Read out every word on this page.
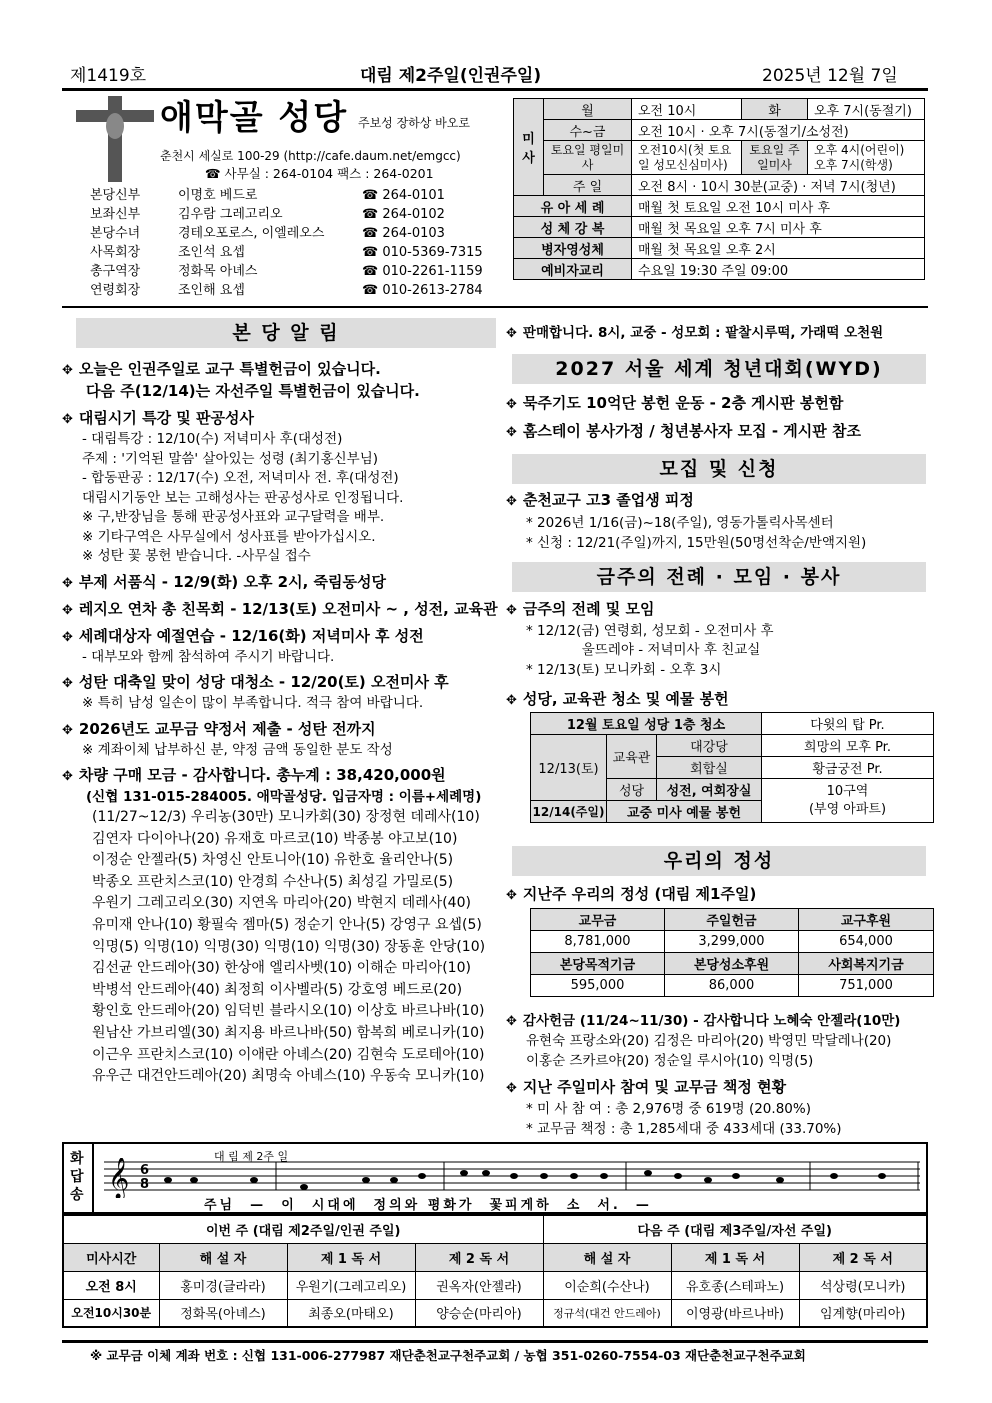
제1419호	대림 제2주일(인권주일)	2025년 12월 7일
애막골 성당 주보성 장하상 바오로
춘천시 세실로 100-29 (http://cafe.daum.net/emgcc)
☎ 사무실 : 264-0104 팩스 : 264-0201
본당신부	이명호 베드로	☎ 264-0101
보좌신부	김우람 그레고리오	☎ 264-0102
본당수녀	경테오포로스, 이엘레오스	☎ 264-0103
사목회장	조인석 요셉	☎ 010-5369-7315
총구역장	정화목 아녜스	☎ 010-2261-1159
연령회장	조인해 요셉	☎ 010-2613-2784
미사	월	오전 10시	화	오후 7시(동절기)
	수~금	오전 10시 · 오후 7시(동절기/소성전)		
	토요일 평일미사	오전10시(첫 토요일 성모신심미사)	토요일 주일미사	오후 4시(어린이) 오후 7시(학생)
	주 일	오전 8시 · 10시 30분(교중) · 저녁 7시(청년)		
유 아 세 례		매월 첫 토요일 오전 10시 미사 후		
성 체 강 복		매월 첫 목요일 오후 7시 미사 후		
병자영성체		매월 첫 목요일 오후 2시		
예비자교리		수요일 19:30 주일 09:00		
본 당 알 림
✥ 오늘은 인권주일로 교구 특별헌금이 있습니다.
다음 주(12/14)는 자선주일 특별헌금이 있습니다.
✥ 대림시기 특강 및 판공성사
- 대림특강 : 12/10(수) 저녁미사 후(대성전)
주제 : '기억된 말씀' 살아있는 성령 (최기홍신부님)
- 합동판공 : 12/17(수) 오전, 저녁미사 전. 후(대성전)
대림시기동안 보는 고해성사는 판공성사로 인정됩니다.
※ 구,반장님을 통해 판공성사표와 교구달력을 배부.
※ 기타구역은 사무실에서 성사표를 받아가십시오.
※ 성탄 꽃 봉헌 받습니다. -사무실 접수
✥ 부제 서품식 - 12/9(화) 오후 2시, 죽림동성당
✥ 레지오 연차 총 친목회 - 12/13(토) 오전미사 ~ , 성전, 교육관
✥ 세례대상자 예절연습 - 12/16(화) 저녁미사 후 성전
- 대부모와 함께 참석하여 주시기 바랍니다.
✥ 성탄 대축일 맞이 성당 대청소 - 12/20(토) 오전미사 후
※ 특히 남성 일손이 많이 부족합니다. 적극 참여 바랍니다.
✥ 2026년도 교무금 약정서 제출 - 성탄 전까지
※ 계좌이체 납부하신 분, 약정 금액 동일한 분도 작성
✥ 차량 구매 모금 - 감사합니다. 총누계 : 38,420,000원
(신협 131-015-284005. 애막골성당. 입금자명 : 이름+세례명)
(11/27~12/3) 우리농(30만) 모니카회(30) 장정현 데레사(10)
김연자 다이아나(20) 유재호 마르코(10) 박종봉 야고보(10)
이정순 안젤라(5) 차영신 안토니아(10) 유한호 율리안나(5)
박종오 프란치스코(10) 안경희 수산나(5) 최성길 가밀로(5)
우원기 그레고리오(30) 지연옥 마리아(20) 박현지 데레사(40)
유미재 안나(10) 황필숙 젬마(5) 정순기 안나(5) 강영구 요셉(5)
익명(5) 익명(10) 익명(30) 익명(10) 익명(30) 장동훈 안당(10)
김선균 안드레아(30) 한상애 엘리사벳(10) 이해순 마리아(10)
박병석 안드레아(40) 최정희 이사벨라(5) 강호영 베드로(20)
황인호 안드레아(20) 임덕빈 블라시오(10) 이상호 바르나바(10)
원남산 가브리엘(30) 최지용 바르나바(50) 함복희 베로니카(10)
이근우 프란치스코(10) 이애란 아녜스(20) 김현숙 도로테아(10)
유우근 대건안드레아(20) 최명숙 아녜스(10) 우동숙 모니카(10)
✥ 판매합니다. 8시, 교중 - 성모회 : 팥찰시루떡, 가래떡 오천원
2027 서울 세계 청년대회(WYD)
✥ 묵주기도 10억단 봉헌 운동 - 2층 게시판 봉헌함
✥ 홈스테이 봉사가정 / 청년봉사자 모집 - 게시판 참조
모집 및 신청
✥ 춘천교구 고3 졸업생 피정
* 2026년 1/16(금)~18(주일), 영동가톨릭사목센터
* 신청 : 12/21(주일)까지, 15만원(50명선착순/반액지원)
금주의 전례 · 모임 · 봉사
✥ 금주의 전례 및 모임
* 12/12(금) 연령회, 성모회 - 오전미사 후
울뜨레야 - 저녁미사 후 친교실
* 12/13(토) 모니카회 - 오후 3시
✥ 성당, 교육관 청소 및 예물 봉헌
12월 토요일 성당 1층 청소			다윗의 탑 Pr.
12/13(토)	교육관	대강당	희망의 모후 Pr.
		회합실	황금궁전 Pr.
	성당	성전, 여회장실	10구역
(부영 아파트)

12/14(주일)	교중 미사 예물 봉헌		
우리의 정성
✥ 지난주 우리의 정성 (대림 제1주일)
교무금	주일헌금	교구후원
8,781,000	3,299,000	654,000
본당목적기금	본당성소후원	사회복지기금
595,000	86,000	751,000
✥ 감사헌금 (11/24~11/30) - 감사합니다 노혜숙 안젤라(10만)
유현숙 프랑소와(20) 김정은 마리아(20) 박영민 막달레나(20)
이홍순 즈카르야(20) 정순일 루시아(10) 익명(5)
✥ 지난 주일미사 참여 및 교무금 책정 현황
* 미 사 참 여 : 총 2,976명 중 619명 (20.80%)
* 교무금 책정 : 총 1,285세대 중 433세대 (33.70%)
화답송 𝄞 6
8
대 림 제 2주 일
주님  —  이  시대에  정의와 평화가  꽃피게하  소  서.  —
이번 주 (대림 제2주일/인권 주일)				다음 주 (대림 제3주일/자선 주일)		
미사시간	해 설 자	제 1 독 서	제 2 독 서	해 설 자	제 1 독 서	제 2 독 서
오전 8시	홍미경(글라라)	우원기(그레고리오)	권옥자(안젤라)	이순희(수산나)	유호종(스테파노)	석상령(모니카)
오전10시30분	정화목(아녜스)	최종오(마태오)	양승순(마리아)	정규석(대건 안드레아)	이영광(바르나바)	임계향(마리아)
※ 교무금 이체 계좌 번호 : 신협 131-006-277987 재단춘천교구천주교회 / 농협 351-0260-7554-03 재단춘천교구천주교회
